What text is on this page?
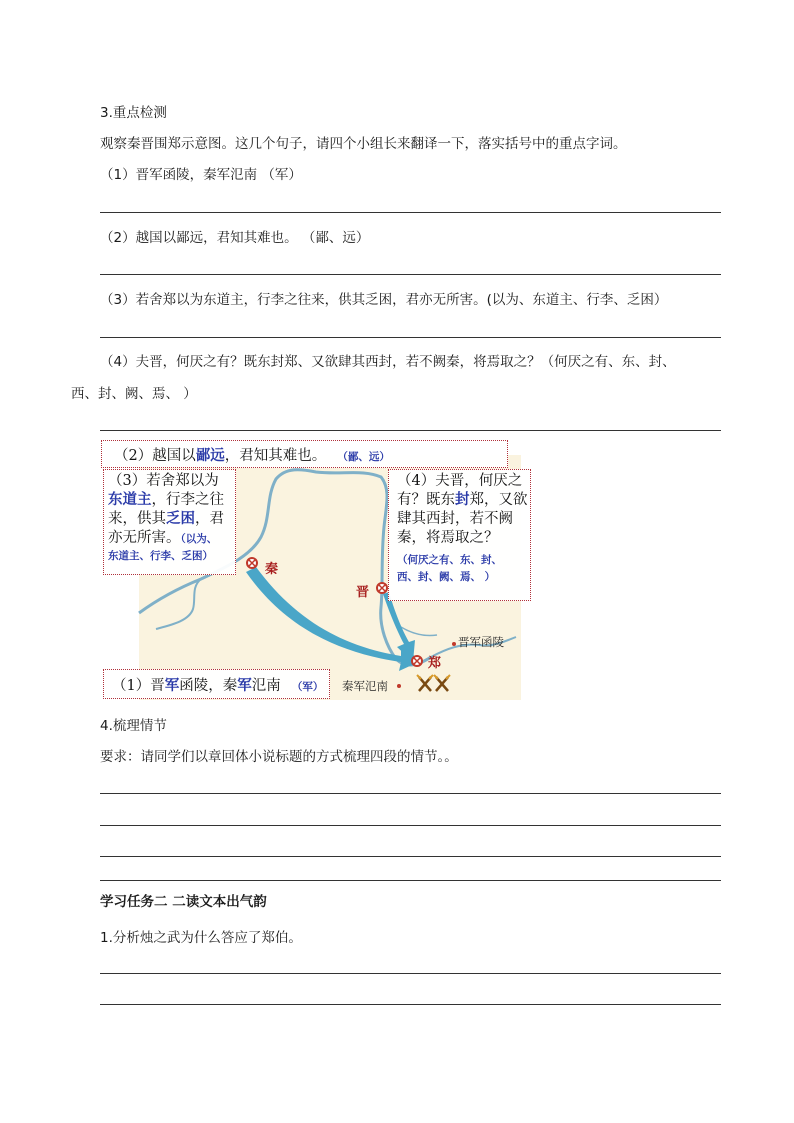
3.重点检测
观察秦晋围郑示意图。这几个句子，请四个小组长来翻译一下，落实括号中的重点字词。
（1）晋军函陵，秦军氾南 （军）
（2）越国以鄙远，君知其难也。 （鄙、远）
（3）若舍郑以为东道主，行李之往来，供其乏困，君亦无所害。(以为、东道主、行李、乏困）
（4）夫晋，何厌之有？既东封郑、又欲肆其西封，若不阙秦，将焉取之？（何厌之有、东、封、
西、封、阙、焉、 ）
秦
晋
郑
晋军函陵
秦军氾南
（2）越国以鄙远，君知其难也。 （鄙、远）
（3）若舍郑以为
东道主，行李之往
来，供其乏困，君
亦无所害。（以为、
东道主、行李、乏困）
（4）夫晋，何厌之
有？既东封郑，又欲
肆其西封，若不阙
秦，将焉取之？
（何厌之有、东、封、
西、封、阙、焉、 ）
（1）晋军函陵，秦军氾南 （军）
4.梳理情节
要求：请同学们以章回体小说标题的方式梳理四段的情节。。
学习任务二 二读文本出气韵
1.分析烛之武为什么答应了郑伯。
